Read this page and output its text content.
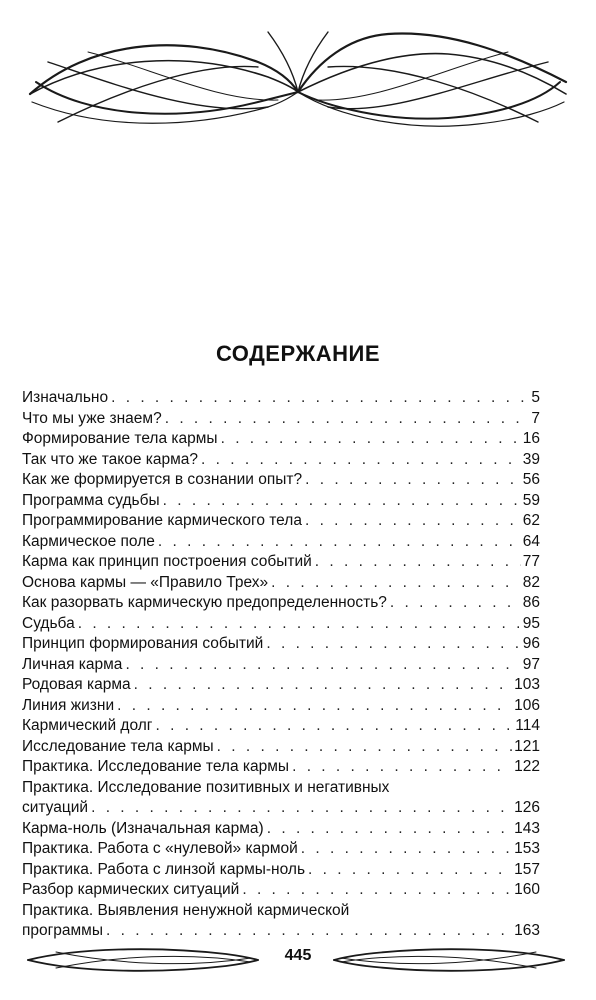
СОДЕРЖАНИЕ
Изначально . . .	5
Что мы уже знаем? . . .	7
Формирование тела кармы . . .	16
Так что же такое карма? . . .	39
Как же формируется в сознании опыт? . . .	56
Программа судьбы . . .	59
Программирование кармического тела . . .	62
Кармическое поле . . .	64
Карма как принцип построения событий . . .	77
Основа кармы — «Правило Трех» . . .	82
Как разорвать кармическую предопределенность? . . .	86
Судьба . . .	95
Принцип формирования событий . . .	96
Личная карма . . .	97
Родовая карма . . .	103
Линия жизни . . .	106
Кармический долг . . .	114
Исследование тела кармы . . .	121
Практика. Исследование тела кармы . . .	122
Практика. Исследование позитивных и негативных
ситуаций . . .	126
Карма-ноль (Изначальная карма) . . .	143
Практика. Работа с «нулевой» кармой . . .	153
Практика. Работа с линзой кармы-ноль . . .	157
Разбор кармических ситуаций . . .	160
Практика. Выявления ненужной кармической
программы . . .	163
445
